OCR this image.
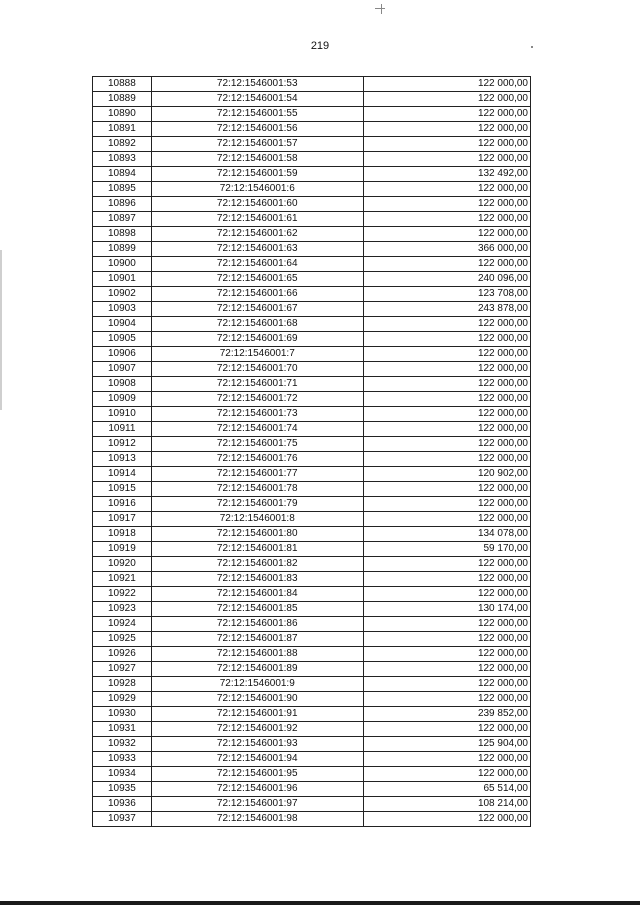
219
10888	72:12:1546001:53	122 000,00
10889	72:12:1546001:54	122 000,00
10890	72:12:1546001:55	122 000,00
10891	72:12:1546001:56	122 000,00
10892	72:12:1546001:57	122 000,00
10893	72:12:1546001:58	122 000,00
10894	72:12:1546001:59	132 492,00
10895	72:12:1546001:6	122 000,00
10896	72:12:1546001:60	122 000,00
10897	72:12:1546001:61	122 000,00
10898	72:12:1546001:62	122 000,00
10899	72:12:1546001:63	366 000,00
10900	72:12:1546001:64	122 000,00
10901	72:12:1546001:65	240 096,00
10902	72:12:1546001:66	123 708,00
10903	72:12:1546001:67	243 878,00
10904	72:12:1546001:68	122 000,00
10905	72:12:1546001:69	122 000,00
10906	72:12:1546001:7	122 000,00
10907	72:12:1546001:70	122 000,00
10908	72:12:1546001:71	122 000,00
10909	72:12:1546001:72	122 000,00
10910	72:12:1546001:73	122 000,00
10911	72:12:1546001:74	122 000,00
10912	72:12:1546001:75	122 000,00
10913	72:12:1546001:76	122 000,00
10914	72:12:1546001:77	120 902,00
10915	72:12:1546001:78	122 000,00
10916	72:12:1546001:79	122 000,00
10917	72:12:1546001:8	122 000,00
10918	72:12:1546001:80	134 078,00
10919	72:12:1546001:81	59 170,00
10920	72:12:1546001:82	122 000,00
10921	72:12:1546001:83	122 000,00
10922	72:12:1546001:84	122 000,00
10923	72:12:1546001:85	130 174,00
10924	72:12:1546001:86	122 000,00
10925	72:12:1546001:87	122 000,00
10926	72:12:1546001:88	122 000,00
10927	72:12:1546001:89	122 000,00
10928	72:12:1546001:9	122 000,00
10929	72:12:1546001:90	122 000,00
10930	72:12:1546001:91	239 852,00
10931	72:12:1546001:92	122 000,00
10932	72:12:1546001:93	125 904,00
10933	72:12:1546001:94	122 000,00
10934	72:12:1546001:95	122 000,00
10935	72:12:1546001:96	65 514,00
10936	72:12:1546001:97	108 214,00
10937	72:12:1546001:98	122 000,00
